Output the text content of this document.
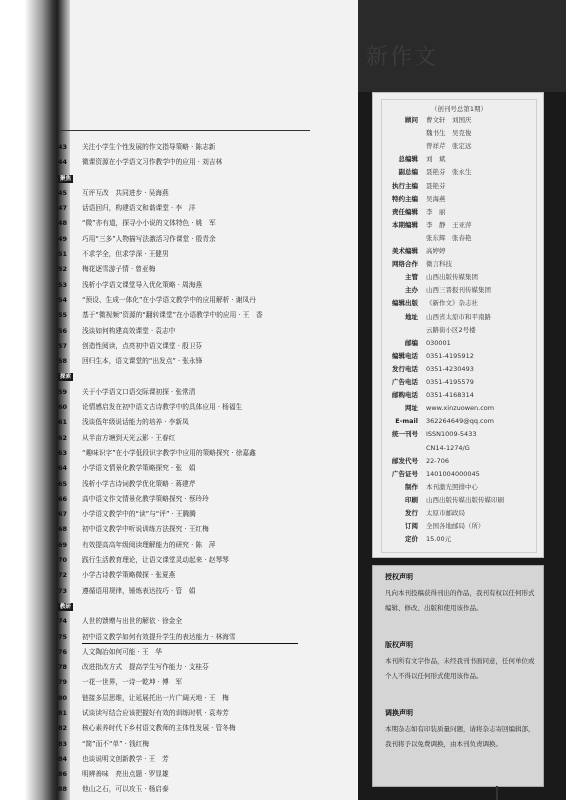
43 关注小学生个性发展的作文指导策略 · 陈志新
44 微课资源在小学语文习作教学中的应用 · 刘吉林
聚焦
45 互评互改　共同进步 · 吴海燕
47 话语回归，构建语文和谐课堂 · 李　洋
48 “微”亦有道，探寻小小说的文体特色 · 姚　军
49 巧用“三多”人物描写法激活习作课堂 · 殷青余
51 不求学全，但求学深 · 王健男
52 梅花逐雪游子情 · 曾亚梅
53 浅析小学语文课堂导入优化策略 · 周海燕
54 “预设、生成一体化”在小学语文教学中的应用解析 · 谢凤丹
55 基于“微视频”资源的“翻转课堂”在小语教学中的应用 · 王　香
56 浅谈如何构建高效课堂 · 袁志中
57 创造性阅读，点亮初中语文课堂 · 殷卫芬
58 回归生本，语文课堂的“出发点” · 张永锋
探索
59 关于小学语文口语交际课初探 · 张常清
60 论情感启发在初中语文古诗教学中的具体应用 · 杨福生
61 浅谈低年级说话能力的培养 · 李新凤
62 从半亩方塘到天光云影 · 王春红
63 “趣味识字”在小学低段识字教学中应用的策略探究 · 徐嘉鑫
64 小学语文情景化教学策略探究 · 张　娟
65 浅析小学古诗词教学优化策略 · 蒋建芹
66 高中语文作文情景化教学策略探究 · 蔡玲玲
67 小学语文教学中的“读”与“评” · 王腾腾
68 初中语文教学中听说训练方法探究 · 王红梅
69 有效提高高年级阅读理解能力的研究 · 陈　萍
70 践行生活教育理论，让语文课堂灵动起来 · 赵琴琴
72 小学古诗教学策略微探 · 张夏燕
73 遵循语用规律，锤炼表达技巧 · 管　娟
教研
74 人世的馈赠与出世的解依 · 徐金全
75 初中语文教学如何有效提升学生的表达能力 · 林海雪
76 人文陶冶如何可能 · 王　华
78 改进批改方式　提高学生写作能力 · 支桂芬
79 一花一世界，一诗一乾坤 · 傅　军
80 链接多层思维，让延展托出一片广阔天地 · 王　梅
81 试谈读写结合应该把握好有效的训练时机 · 袁寿芳
82 核心素养时代下乡村语文教师的主体性发展 · 管冬梅
83 “简”而不“单” · 钱红梅
84 也谈说明文创新教学 · 王　芳
86 明辨善味　亮出点题 · 罗显雄
88 他山之石，可以攻玉 · 杨启泰
新作文
（创刊号总第1期）
顾问 曹文轩　刘国庆
魏书生　吴克俊
曾祥芹　张定远
总编辑 刘　斌
副总编 聂艳芬　张永生
执行主编 聂艳芬
特约主编 吴海燕
责任编辑 李　丽
本期编辑 李　静　王亚萍
张东辉　张春艳
美术编辑 高婷婷
网络合作 微言科技
主管 山西出版传媒集团
主办 山西三晋报刊传媒集团
编辑出版 《新作文》杂志社
地址 山西省太原市和平南路
云路街小区2号楼
邮编 030001
编辑电话 0351-4195912
发行电话 0351-4230493
广告电话 0351-4195579
邮购电话 0351-4168314
网址 www.xinzuowen.com
E-mail 362264649@qq.com
统一刊号 ISSN1009-5433
CN14-1274/G
邮发代号 22-706
广告证号 1401004000045
制作 本刊激光照排中心
印刷 山西出版传媒出版传媒印刷
发行 太原市邮政局
订阅 全国各地邮局（所）
定价 15.00元
授权声明
凡向本刊投稿获得刊出的作品，我刊有权以任何形式编辑、修改、出版和使用该作品。
版权声明
本刊所有文字作品，未经我刊书面同意，任何单位或个人不得以任何形式使用该作品。
调换声明
本期杂志如有印装质量问题，请将杂志寄回编辑部，我刊将予以免费调换，由本刊负责调换。
